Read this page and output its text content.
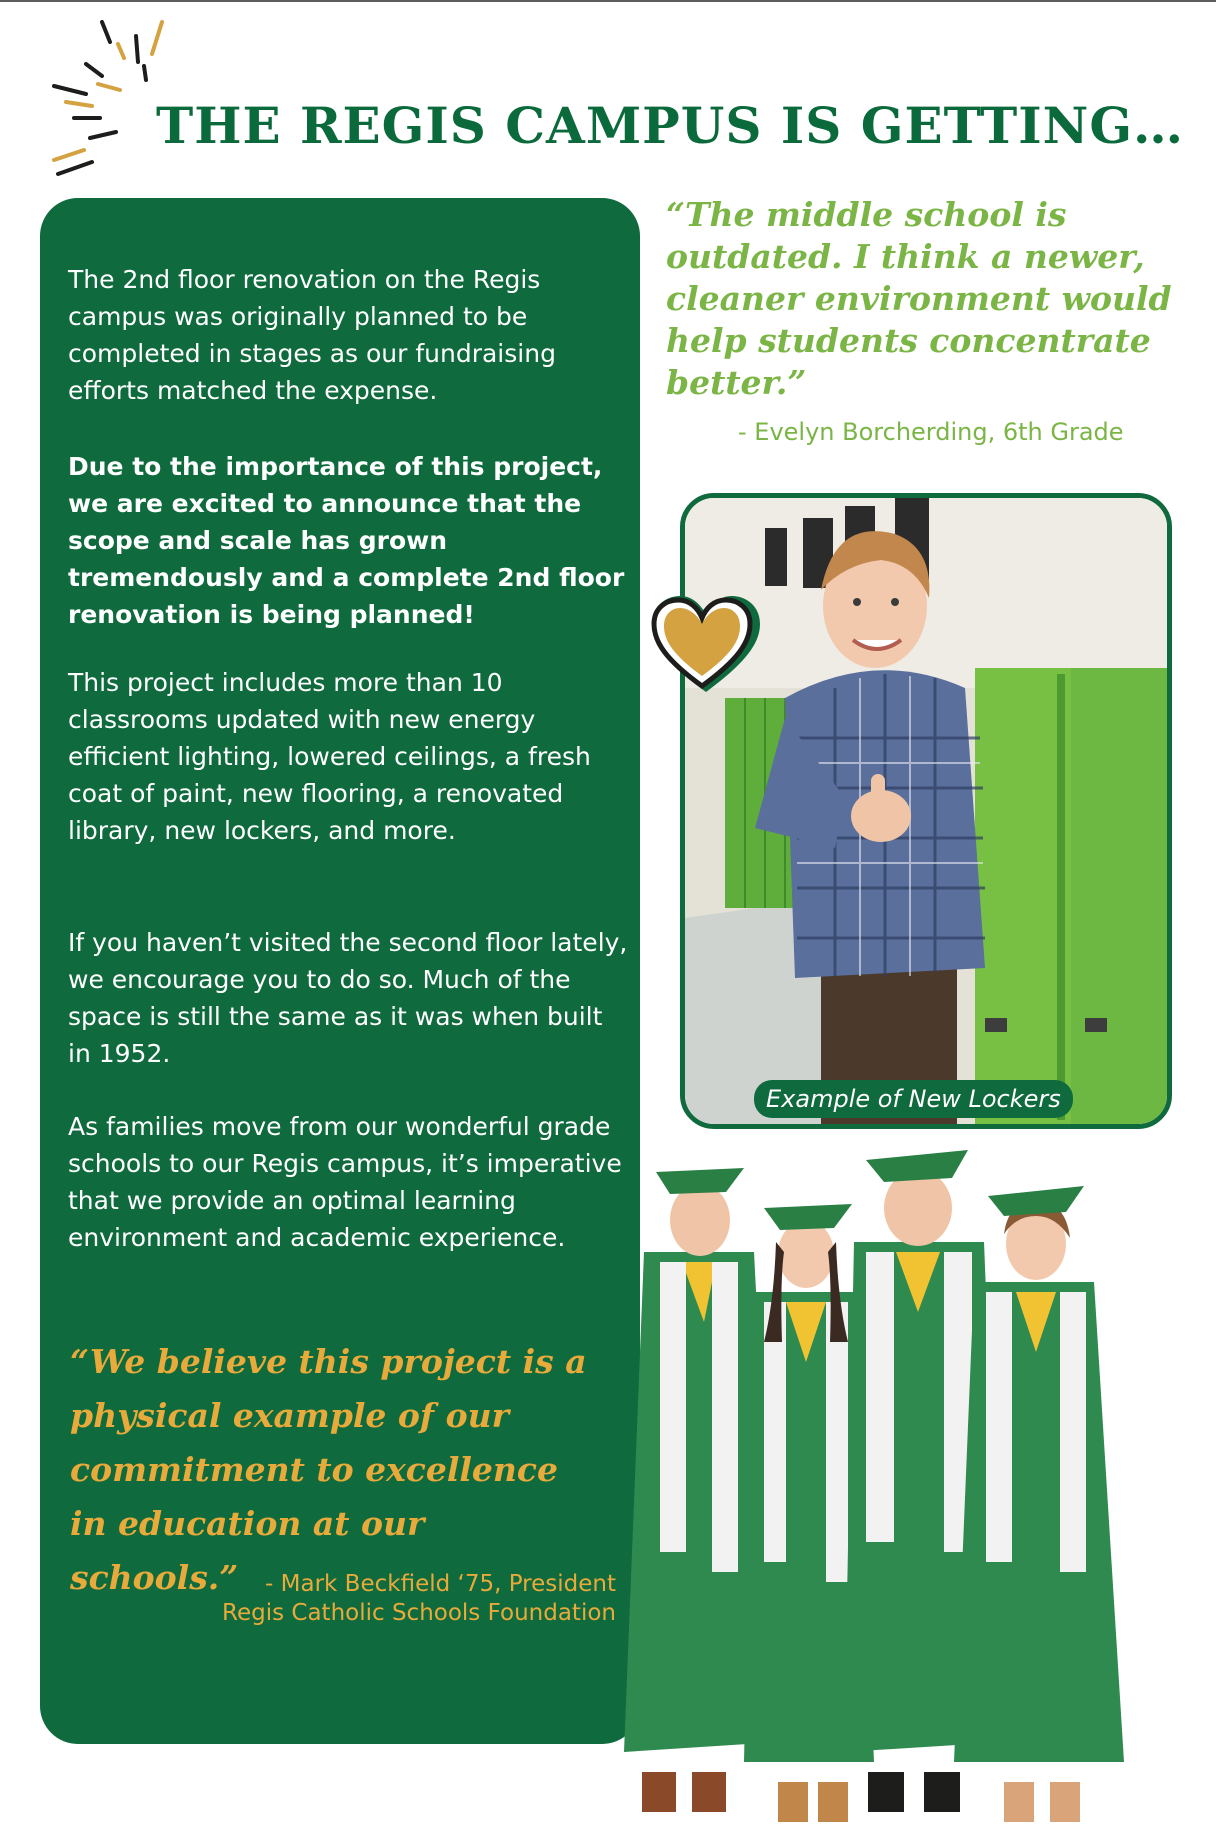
THE REGIS CAMPUS IS GETTING…

The 2nd floor renovation on the Regis campus was originally planned to be completed in stages as our fundraising efforts matched the expense.

Due to the importance of this project, we are excited to announce that the scope and scale has grown tremendously and a complete 2nd floor renovation is being planned!

This project includes more than 10 classrooms updated with new energy efficient lighting, lowered ceilings, a fresh coat of paint, new flooring, a renovated library, new lockers, and more.

If you haven’t visited the second floor lately, we encourage you to do so. Much of the space is still the same as it was when built in 1952.

As families move from our wonderful grade schools to our Regis campus, it’s imperative that we provide an optimal learning environment and academic experience.

“We believe this project is a physical example of our commitment to excellence in education at our schools.”	- Mark Beckfield ‘75, President

Regis Catholic Schools Foundation

“The middle school is outdated. I think a newer, cleaner environment would help students concentrate better.”

- Evelyn Borcherding, 6th Grade

Example of New Lockers
